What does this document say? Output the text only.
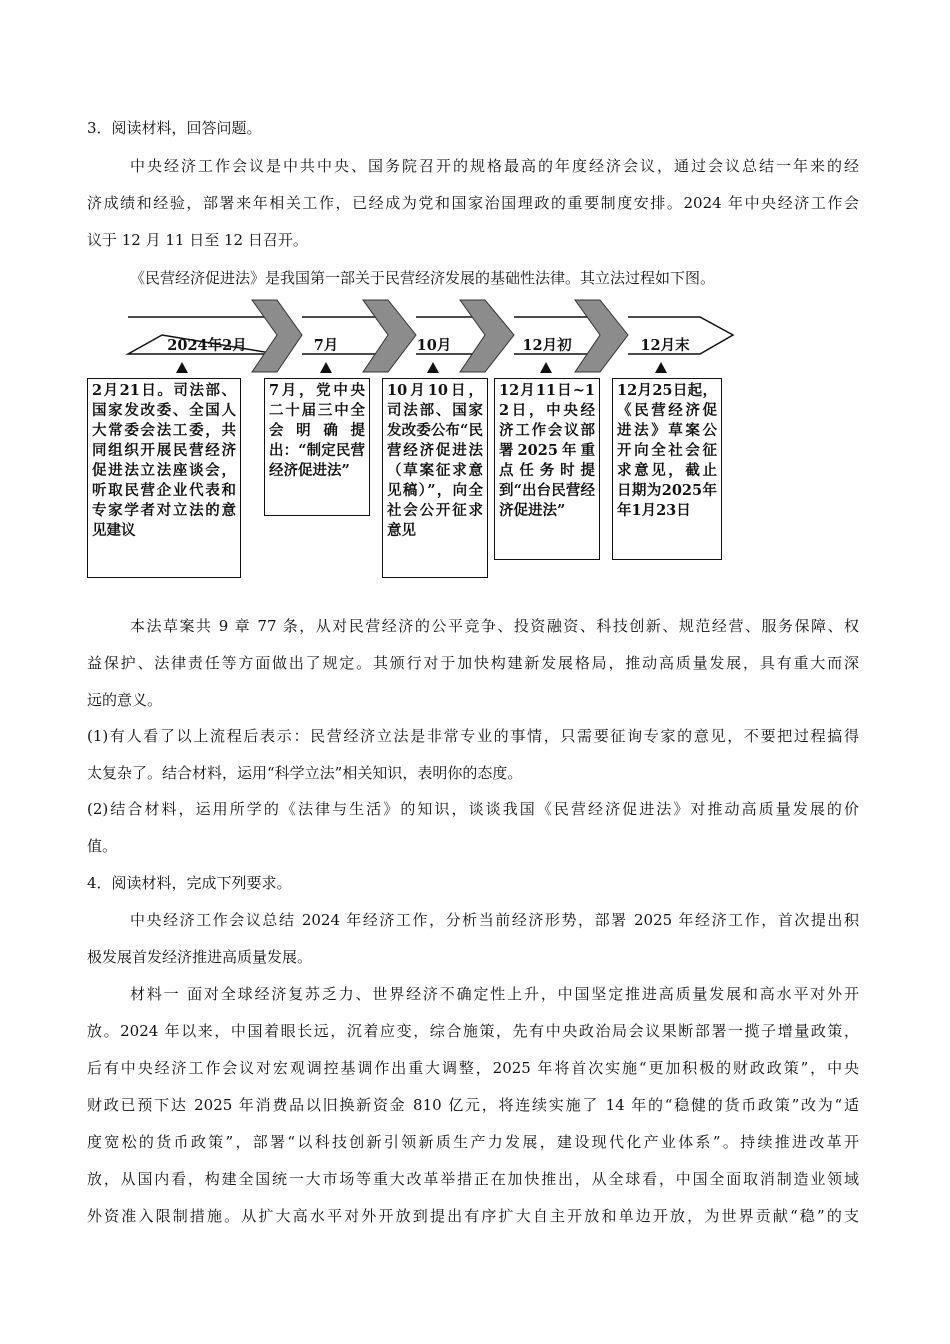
3．阅读材料，回答问题。
中央经济工作会议是中共中央、国务院召开的规格最高的年度经济会议，通过会议总结一年来的经
济成绩和经验，部署来年相关工作，已经成为党和国家治国理政的重要制度安排。2024 年中央经济工作会
议于 12 月 11 日至 12 日召开。
《民营经济促进法》是我国第一部关于民营经济发展的基础性法律。其立法过程如下图。
2024年2月	7月	10月	12月初	12月末
2月21日。司法部、国家发改委、全国人大常委会法工委，共同组织开展民营经济促进法立法座谈会，听取民营企业代表和专家学者对立法的意见建议
7月，党中央二十届三中全会明确提出：“制定民营经济促进法”
10月10日，司法部、国家发改委公布“民营经济促进法（草案征求意见稿）”，向全社会公开征求意见
12月11日~12日，中央经济工作会议部署2025年重点任务时提到“出台民营经济促进法”
12月25日起，《民营经济促进法》草案公开向全社会征求意见，截止日期为2025年年1月23日
本法草案共 9 章 77 条，从对民营经济的公平竞争、投资融资、科技创新、规范经营、服务保障、权
益保护、法律责任等方面做出了规定。其颁行对于加快构建新发展格局，推动高质量发展，具有重大而深
远的意义。
(1)有人看了以上流程后表示：民营经济立法是非常专业的事情，只需要征询专家的意见，不要把过程搞得
太复杂了。结合材料，运用“科学立法”相关知识，表明你的态度。
(2)结合材料，运用所学的《法律与生活》的知识，谈谈我国《民营经济促进法》对推动高质量发展的价
值。
4．阅读材料，完成下列要求。
中央经济工作会议总结 2024 年经济工作，分析当前经济形势，部署 2025 年经济工作，首次提出积
极发展首发经济推进高质量发展。
材料一 面对全球经济复苏乏力、世界经济不确定性上升，中国坚定推进高质量发展和高水平对外开
放。2024 年以来，中国着眼长远，沉着应变，综合施策，先有中央政治局会议果断部署一揽子增量政策，
后有中央经济工作会议对宏观调控基调作出重大调整，2025 年将首次实施“更加积极的财政政策”，中央
财政已预下达 2025 年消费品以旧换新资金 810 亿元，将连续实施了 14 年的“稳健的货币政策”改为“适
度宽松的货币政策”，部署“以科技创新引领新质生产力发展，建设现代化产业体系”。持续推进改革开
放，从国内看，构建全国统一大市场等重大改革举措正在加快推出，从全球看，中国全面取消制造业领域
外资准入限制措施。从扩大高水平对外开放到提出有序扩大自主开放和单边开放，为世界贡献“稳”的支
